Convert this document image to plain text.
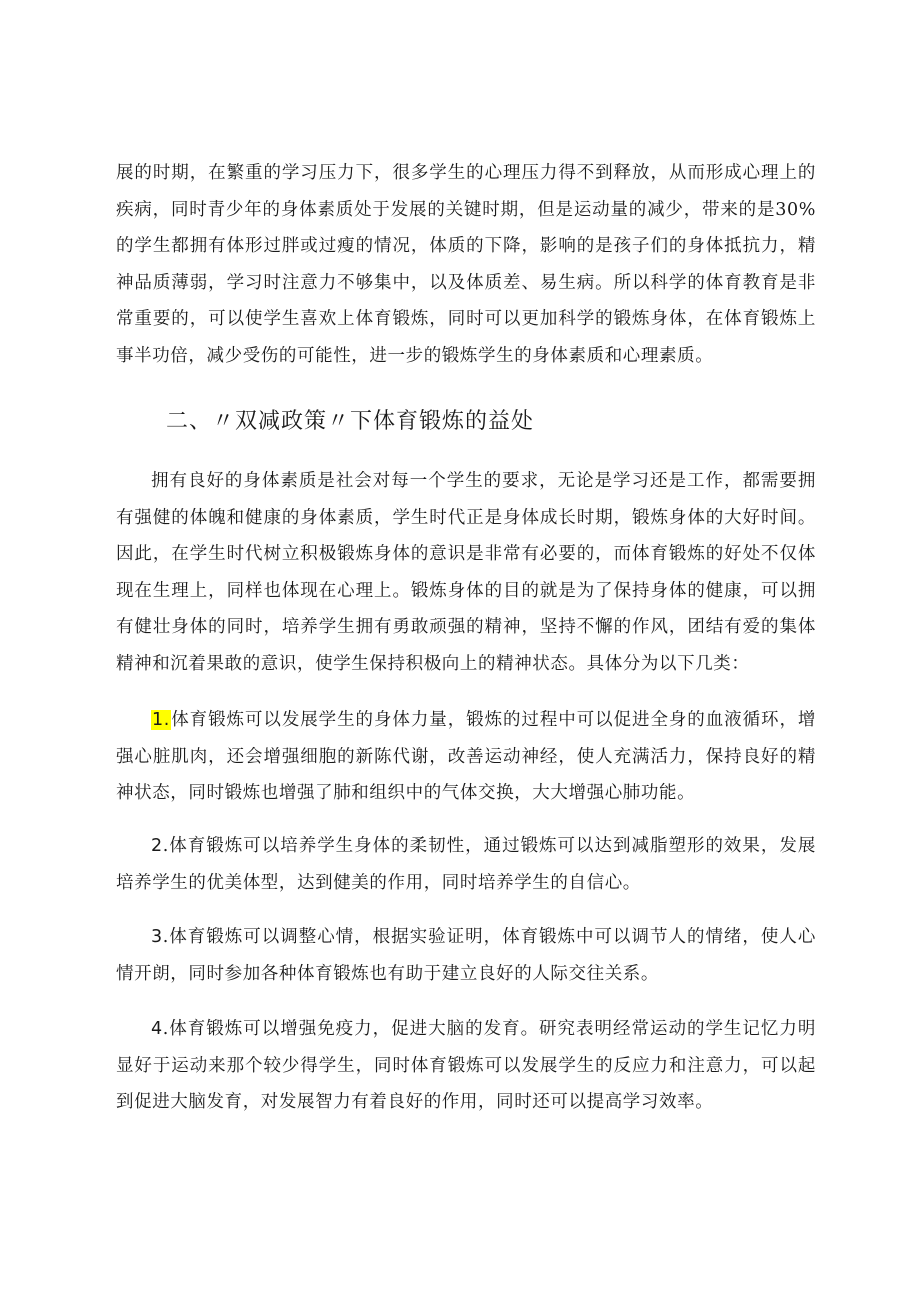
展的时期，在繁重的学习压力下，很多学生的心理压力得不到释放，从而形成心理上的疾病，同时青少年的身体素质处于发展的关键时期，但是运动量的减少，带来的是30%的学生都拥有体形过胖或过瘦的情况，体质的下降，影响的是孩子们的身体抵抗力，精神品质薄弱，学习时注意力不够集中，以及体质差、易生病。所以科学的体育教育是非常重要的，可以使学生喜欢上体育锻炼，同时可以更加科学的锻炼身体，在体育锻炼上事半功倍，减少受伤的可能性，进一步的锻炼学生的身体素质和心理素质。

二、〃双减政策〃下体育锻炼的益处

拥有良好的身体素质是社会对每一个学生的要求，无论是学习还是工作，都需要拥有强健的体魄和健康的身体素质，学生时代正是身体成长时期，锻炼身体的大好时间。因此，在学生时代树立积极锻炼身体的意识是非常有必要的，而体育锻炼的好处不仅体现在生理上，同样也体现在心理上。锻炼身体的目的就是为了保持身体的健康，可以拥有健壮身体的同时，培养学生拥有勇敢顽强的精神，坚持不懈的作风，团结有爱的集体精神和沉着果敢的意识，使学生保持积极向上的精神状态。具体分为以下几类：

1.体育锻炼可以发展学生的身体力量，锻炼的过程中可以促进全身的血液循环，增强心脏肌肉，还会增强细胞的新陈代谢，改善运动神经，使人充满活力，保持良好的精神状态，同时锻炼也增强了肺和组织中的气体交换，大大增强心肺功能。

2.体育锻炼可以培养学生身体的柔韧性，通过锻炼可以达到减脂塑形的效果，发展培养学生的优美体型，达到健美的作用，同时培养学生的自信心。

3.体育锻炼可以调整心情，根据实验证明，体育锻炼中可以调节人的情绪，使人心情开朗，同时参加各种体育锻炼也有助于建立良好的人际交往关系。

4.体育锻炼可以增强免疫力，促进大脑的发育。研究表明经常运动的学生记忆力明显好于运动来那个较少得学生，同时体育锻炼可以发展学生的反应力和注意力，可以起到促进大脑发育，对发展智力有着良好的作用，同时还可以提高学习效率。
